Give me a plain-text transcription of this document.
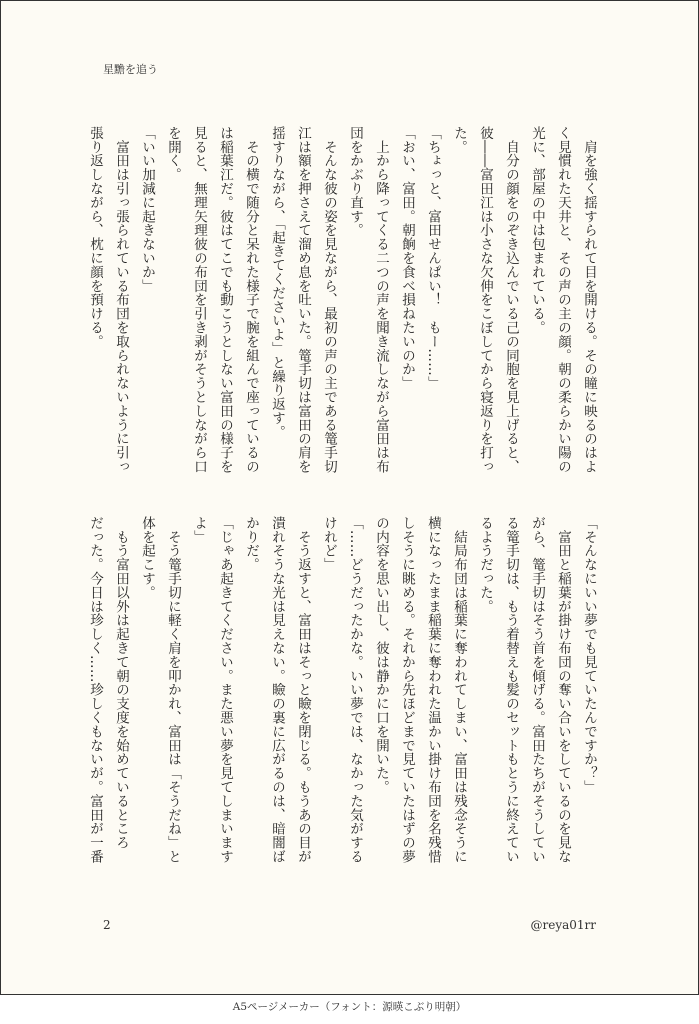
星黵を追う
　肩を強く揺すられて目を開ける。その瞳に映るのはよ
く見慣れた天井と、その声の主の顔。朝の柔らかい陽の
光に、部屋の中は包まれている。
　自分の顔をのぞき込んでいる己の同胞を見上げると、
彼――富田江は小さな欠伸をこぼしてから寝返りを打っ
た。
「ちょっと、富田せんぱい！　もー……」
「おい、富田。朝餉を食べ損ねたいのか」
　上から降ってくる二つの声を聞き流しながら富田は布
団をかぶり直す。
　そんな彼の姿を見ながら、最初の声の主である篭手切
江は額を押さえて溜め息を吐いた。篭手切は富田の肩を
揺すりながら、「起きてくださいよ」と繰り返す。
　その横で随分と呆れた様子で腕を組んで座っているの
は稲葉江だ。彼はてこでも動こうとしない富田の様子を
見ると、無理矢理彼の布団を引き剥がそうとしながら口
を開く。
「いい加減に起きないか」
　富田は引っ張られている布団を取られないように引っ
張り返しながら、枕に顔を預ける。
「そんなにいい夢でも見ていたんですか？」
　富田と稲葉が掛け布団の奪い合いをしているのを見な
がら、篭手切はそう首を傾げる。富田たちがそうしてい
る篭手切は、もう着替えも髪のセットもとうに終えてい
るようだった。
　結局布団は稲葉に奪われてしまい、富田は残念そうに
横になったまま稲葉に奪われた温かい掛け布団を名残惜
しそうに眺める。それから先ほどまで見ていたはずの夢
の内容を思い出し、彼は静かに口を開いた。
「……どうだったかな。いい夢では、なかった気がする
けれど」
　そう返すと、富田はそっと瞼を閉じる。もうあの目が
潰れそうな光は見えない。瞼の裏に広がるのは、暗闇ば
かりだ。
「じゃあ起きてください。また悪い夢を見てしまいます
よ」
　そう篭手切に軽く肩を叩かれ、富田は「そうだね」と
体を起こす。
　もう富田以外は起きて朝の支度を始めているところ
だった。今日は珍しく……珍しくもないが。富田が一番
2	@reya01rr
A5ページメーカー（フォント：源暎こぶり明朝）
